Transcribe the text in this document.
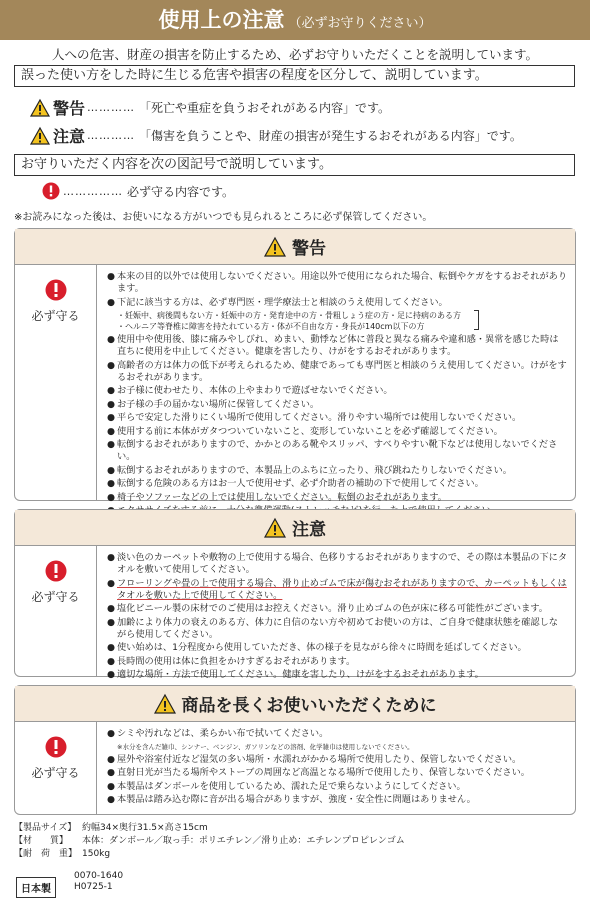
使用上の注意 （必ずお守りください）
人への危害、財産の損害を防止するため、必ずお守りいただくことを説明しています。
誤った使い方をした時に生じる危害や損害の程度を区分して、説明しています。
警告 ………… 「死亡や重症を負うおそれがある内容」です。
注意 ………… 「傷害を負うことや、財産の損害が発生するおそれがある内容」です。
お守りいただく内容を次の図記号で説明しています。
…………… 必ず守る内容です。
※お読みになった後は、お使いになる方がいつでも見られるところに必ず保管してください。
警告
必ず守る
● 本来の目的以外では使用しないでください。用途以外で使用になられた場合、転倒やケガをするおそれがあります。
● 下記に該当する方は、必ず専門医・理学療法士と相談のうえ使用してください。
・妊娠中、病後間もない方・妊娠中の方・発育途中の方・骨粗しょう症の方・足に持病のある方
・ヘルニア等脊椎に障害を持たれている方・体が不自由な方・身長が140cm以下の方
● 使用中や使用後、膝に痛みやしびれ、めまい、動悸など体に普段と異なる痛みや違和感・異常を感じた時は直ちに使用を中止してください。健康を害したり、けがをするおそれがあります。
● 高齢者の方は体力の低下が考えられるため、健康であっても専門医と相談のうえ使用してください。けがをするおそれがあります。
● お子様に使わせたり、本体の上やまわりで遊ばせないでください。
● お子様の手の届かない場所に保管してください。
● 平らで安定した滑りにくい場所で使用してください。滑りやすい場所では使用しないでください。
● 使用する前に本体がガタつついていないこと、変形していないことを必ず確認してください。
● 転倒するおそれがありますので、かかとのある靴やスリッパ、すべりやすい靴下などは使用しないでください。
● 転倒するおそれがありますので、本製品上のふちに立ったり、飛び跳ねたりしないでください。
● 転倒する危険のある方はお一人で使用せず、必ず介助者の補助の下で使用してください。
● 椅子やソファーなどの上では使用しないでください。転倒のおそれがあります。
注意
必ず守る
● 淡い色のカーペットや敷物の上で使用する場合、色移りするおそれがありますので、その際は本製品の下にタオルを敷いて使用してください。
● フローリングや畳の上で使用する場合、滑り止めゴムで床が傷むおそれがありますので、カーペットもしくはタオルを敷いた上で使用してください。
● 塩化ビニール製の床材でのご使用はお控えください。滑り止めゴムの色が床に移る可能性がございます。
● 加齢により体力の衰えのある方、体力に自信のない方や初めてお使いの方は、ご自身で健康状態を確認しながら使用してください。
● 使い始めは、1分程度から使用していただき、体の様子を見ながら徐々に時間を延ばしてください。
● 長時間の使用は体に負担をかけすぎるおそれがあります。
● 適切な場所・方法で使用してください。健康を害したり、けがをするおそれがあります。
商品を長くお使いいただくために
必ず守る
● シミや汚れなどは、柔らかい布で拭いてください。
※水分を含んだ雑巾、シンナー、ベンジン、ガソリンなどの溶剤、化学雑巾は使用しないでください。
● 屋外や浴室付近など湿気の多い場所・水濡れがかかる場所で使用したり、保管しないでください。
● 直射日光が当たる場所やストーブの周囲など高温となる場所で使用したり、保管しないでください。
● 本製品はダンボールを使用しているため、濡れた足で乗らないようにしてください。
● 本製品は踏み込む際に音が出る場合がありますが、強度・安全性に問題はありません。
【製品サイズ】 約幅34×奥行31.5×高さ15cm
【材　　質】 本体：ダンボール／取っ手：ポリエチレン／滑り止め：エチレンプロピレンゴム
【耐　荷　重】 150kg
日本製
0070-1640
H0725-1
